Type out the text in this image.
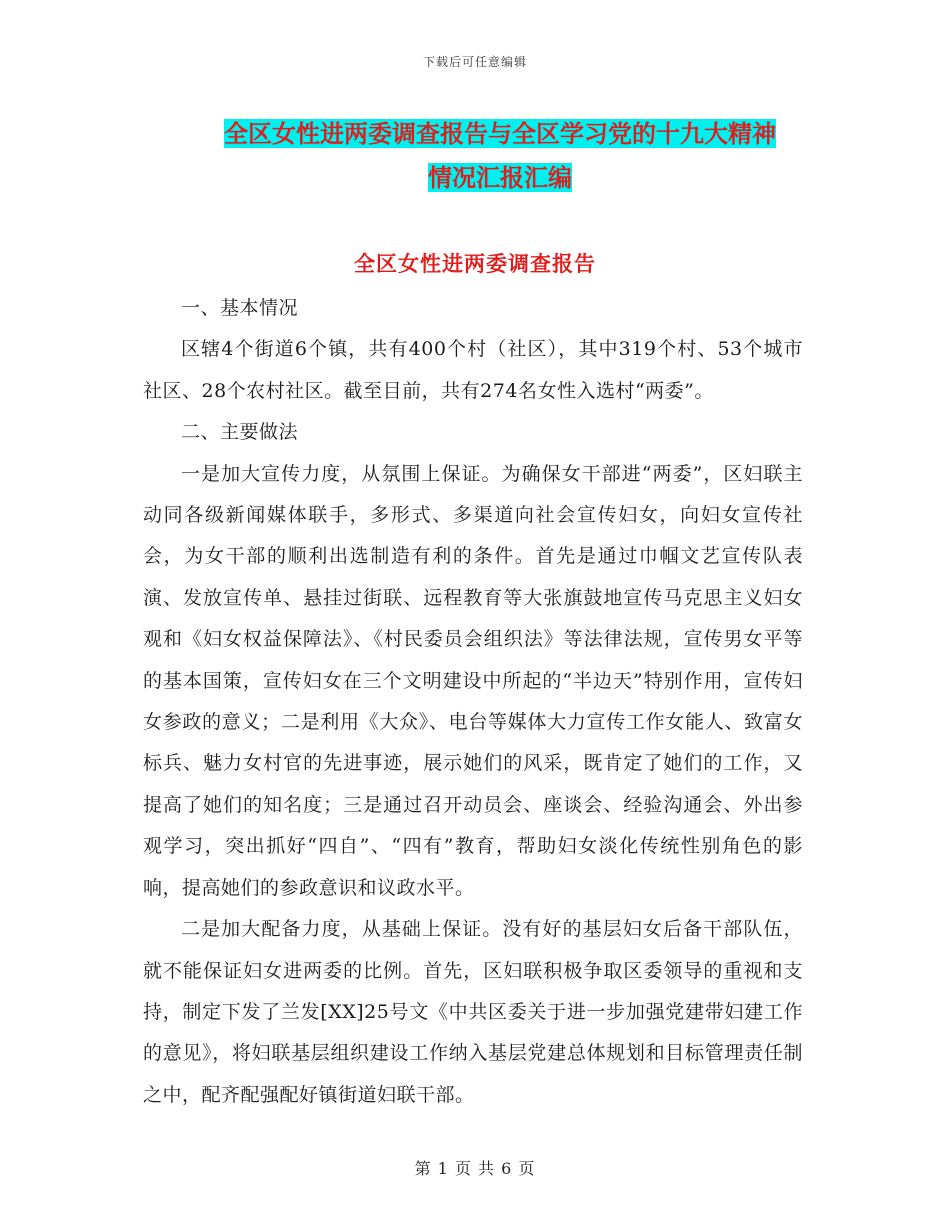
下载后可任意编辑
全区女性进两委调查报告与全区学习党的十九大精神
情况汇报汇编
全区女性进两委调查报告

一、基本情况

区辖4个街道6个镇，共有400个村（社区），其中319个村、53个城市社区、28个农村社区。截至目前，共有274名女性入选村“两委”。

二、主要做法

一是加大宣传力度，从氛围上保证。为确保女干部进“两委”，区妇联主动同各级新闻媒体联手，多形式、多渠道向社会宣传妇女，向妇女宣传社会，为女干部的顺利出选制造有利的条件。首先是通过巾帼文艺宣传队表演、发放宣传单、悬挂过街联、远程教育等大张旗鼓地宣传马克思主义妇女观和《妇女权益保障法》、《村民委员会组织法》等法律法规，宣传男女平等的基本国策，宣传妇女在三个文明建设中所起的“半边天”特别作用，宣传妇女参政的意义；二是利用《大众》、电台等媒体大力宣传工作女能人、致富女标兵、魅力女村官的先进事迹，展示她们的风采，既肯定了她们的工作，又提高了她们的知名度；三是通过召开动员会、座谈会、经验沟通会、外出参观学习，突出抓好“四自”、“四有”教育，帮助妇女淡化传统性别角色的影响，提高她们的参政意识和议政水平。

二是加大配备力度，从基础上保证。没有好的基层妇女后备干部队伍，就不能保证妇女进两委的比例。首先，区妇联积极争取区委领导的重视和支持，制定下发了兰发[XX]25号文《中共区委关于进一步加强党建带妇建工作的意见》，将妇联基层组织建设工作纳入基层党建总体规划和目标管理责任制之中，配齐配强配好镇街道妇联干部。

第 1 页 共 6 页
